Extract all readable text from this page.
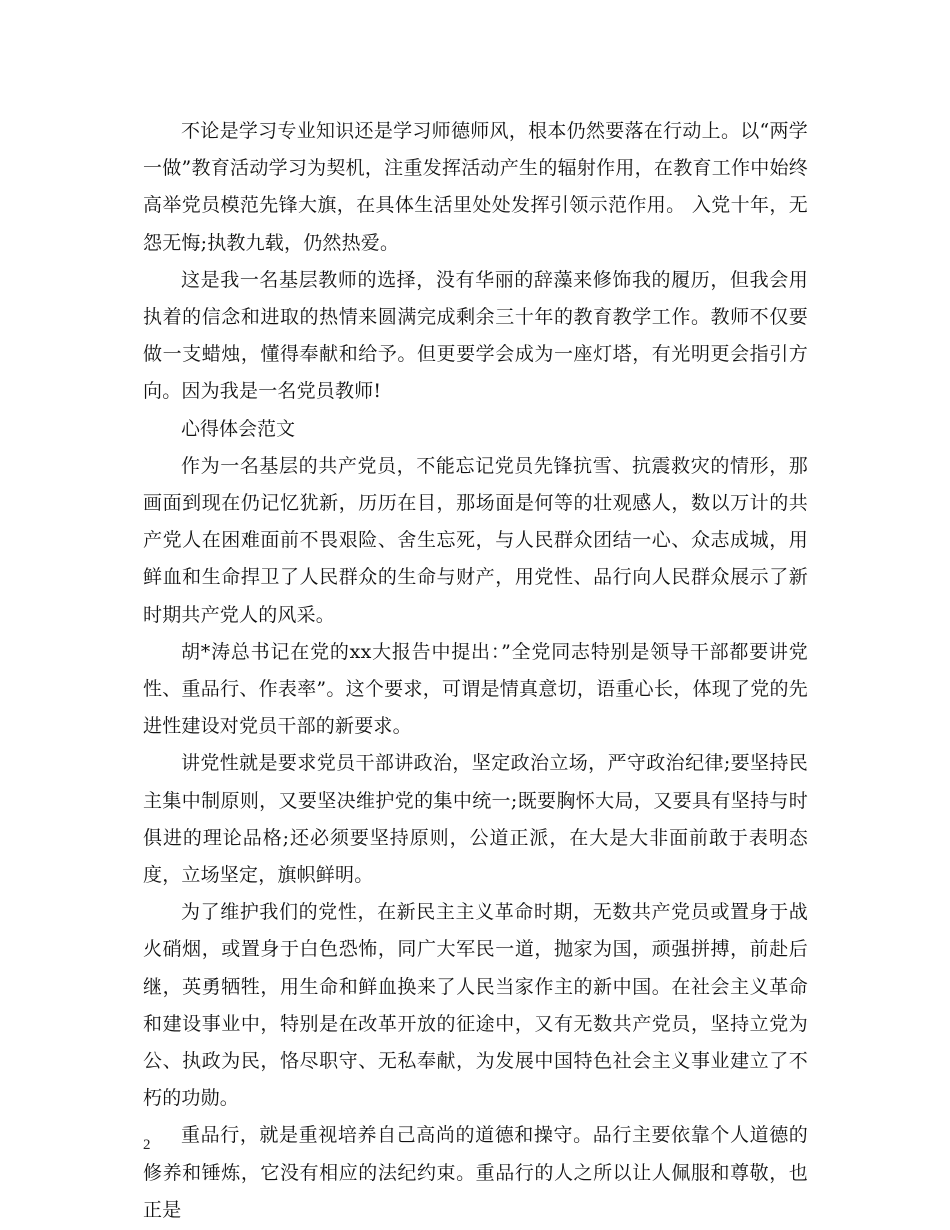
不论是学习专业知识还是学习师德师风，根本仍然要落在行动上。以“两学一做”教育活动学习为契机，注重发挥活动产生的辐射作用，在教育工作中始终高举党员模范先锋大旗，在具体生活里处处发挥引领示范作用。 入党十年，无怨无悔;执教九载，仍然热爱。

这是我一名基层教师的选择，没有华丽的辞藻来修饰我的履历，但我会用执着的信念和进取的热情来圆满完成剩余三十年的教育教学工作。教师不仅要做一支蜡烛，懂得奉献和给予。但更要学会成为一座灯塔，有光明更会指引方向。因为我是一名党员教师!

心得体会范文

作为一名基层的共产党员，不能忘记党员先锋抗雪、抗震救灾的情形，那画面到现在仍记忆犹新，历历在目，那场面是何等的壮观感人，数以万计的共产党人在困难面前不畏艰险、舍生忘死，与人民群众团结一心、众志成城，用鲜血和生命捍卫了人民群众的生命与财产，用党性、品行向人民群众展示了新时期共产党人的风采。

胡*涛总书记在党的xx大报告中提出：”全党同志特别是领导干部都要讲党性、重品行、作表率”。这个要求，可谓是情真意切，语重心长，体现了党的先进性建设对党员干部的新要求。

讲党性就是要求党员干部讲政治，坚定政治立场，严守政治纪律;要坚持民主集中制原则，又要坚决维护党的集中统一;既要胸怀大局，又要具有坚持与时俱进的理论品格;还必须要坚持原则，公道正派，在大是大非面前敢于表明态度，立场坚定，旗帜鲜明。

为了维护我们的党性，在新民主主义革命时期，无数共产党员或置身于战火硝烟，或置身于白色恐怖，同广大军民一道，抛家为国，顽强拼搏，前赴后继，英勇牺牲，用生命和鲜血换来了人民当家作主的新中国。在社会主义革命和建设事业中，特别是在改革开放的征途中，又有无数共产党员，坚持立党为公、执政为民，恪尽职守、无私奉献，为发展中国特色社会主义事业建立了不朽的功勋。

重品行，就是重视培养自己高尚的道德和操守。品行主要依靠个人道德的修养和锤炼，它没有相应的法纪约束。重品行的人之所以让人佩服和尊敬，也正是

2
